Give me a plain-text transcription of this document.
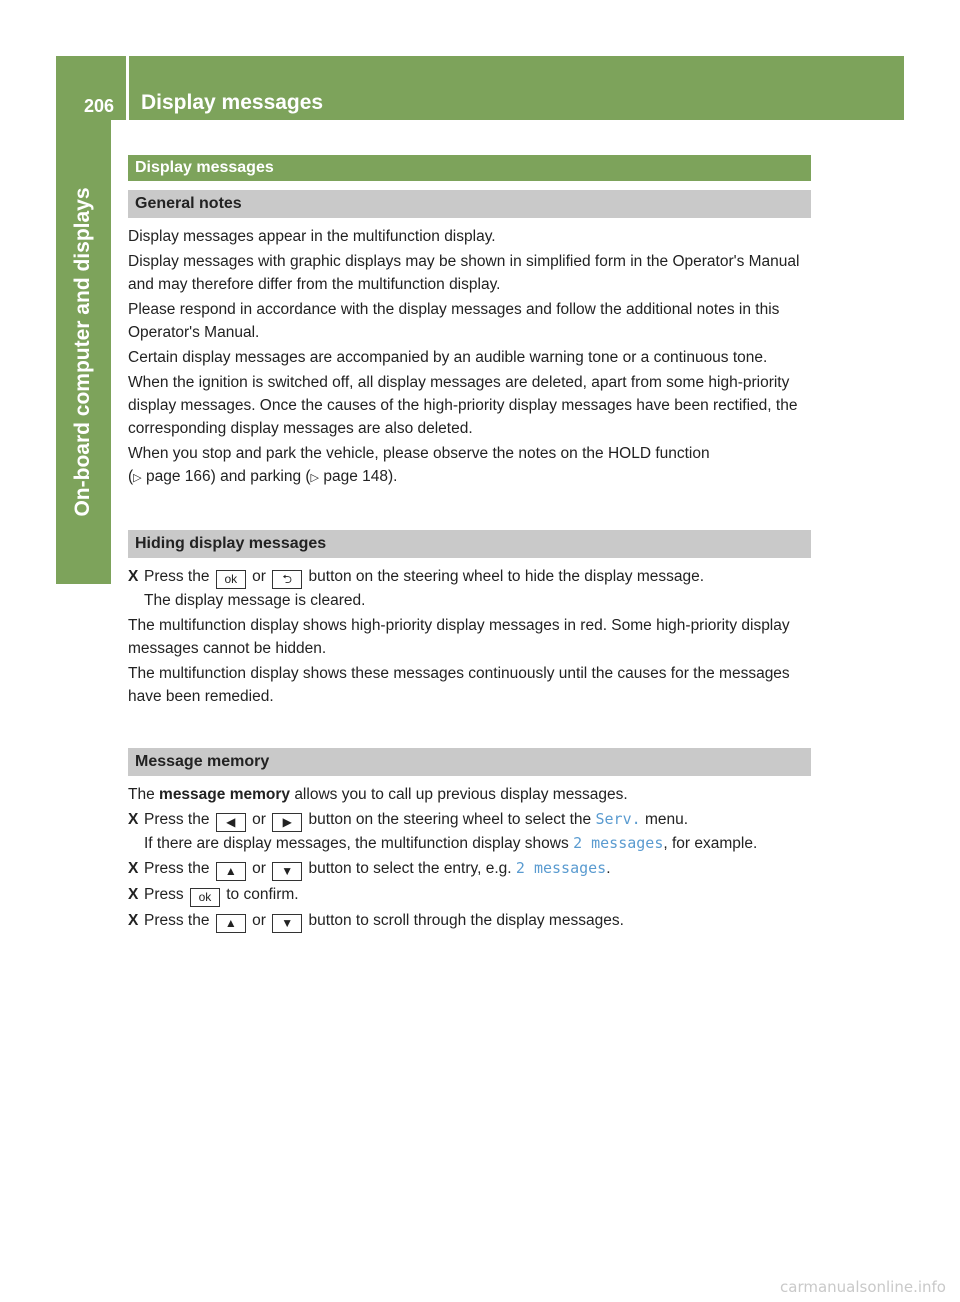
206 Display messages
On-board computer and displays
Display messages
General notes

Display messages appear in the multifunction display.

Display messages with graphic displays may be shown in simplified form in the Operator's Manual and may therefore differ from the multifunction display.

Please respond in accordance with the display messages and follow the additional notes in this Operator's Manual.

Certain display messages are accompanied by an audible warning tone or a continuous tone.

When the ignition is switched off, all display messages are deleted, apart from some high-priority display messages. Once the causes of the high-priority display messages have been rectified, the corresponding display messages are also deleted.

When you stop and park the vehicle, please observe the notes on the HOLD function
(▷ page 166) and parking (▷ page 148).

Hiding display messages
X Press the ok or ⮌ button on the steering wheel to hide the display message.
The display message is cleared.

The multifunction display shows high-priority display messages in red. Some high-priority display messages cannot be hidden.

The multifunction display shows these messages continuously until the causes for the messages have been remedied.

Message memory

The message memory allows you to call up previous display messages.

X Press the ◀ or ▶ button on the steering wheel to select the Serv. menu.
If there are display messages, the multifunction display shows 2 messages, for example.
X Press the ▲ or ▼ button to select the entry, e.g. 2 messages.
X Press ok to confirm.
X Press the ▲ or ▼ button to scroll through the display messages.
carmanualsonline.info
